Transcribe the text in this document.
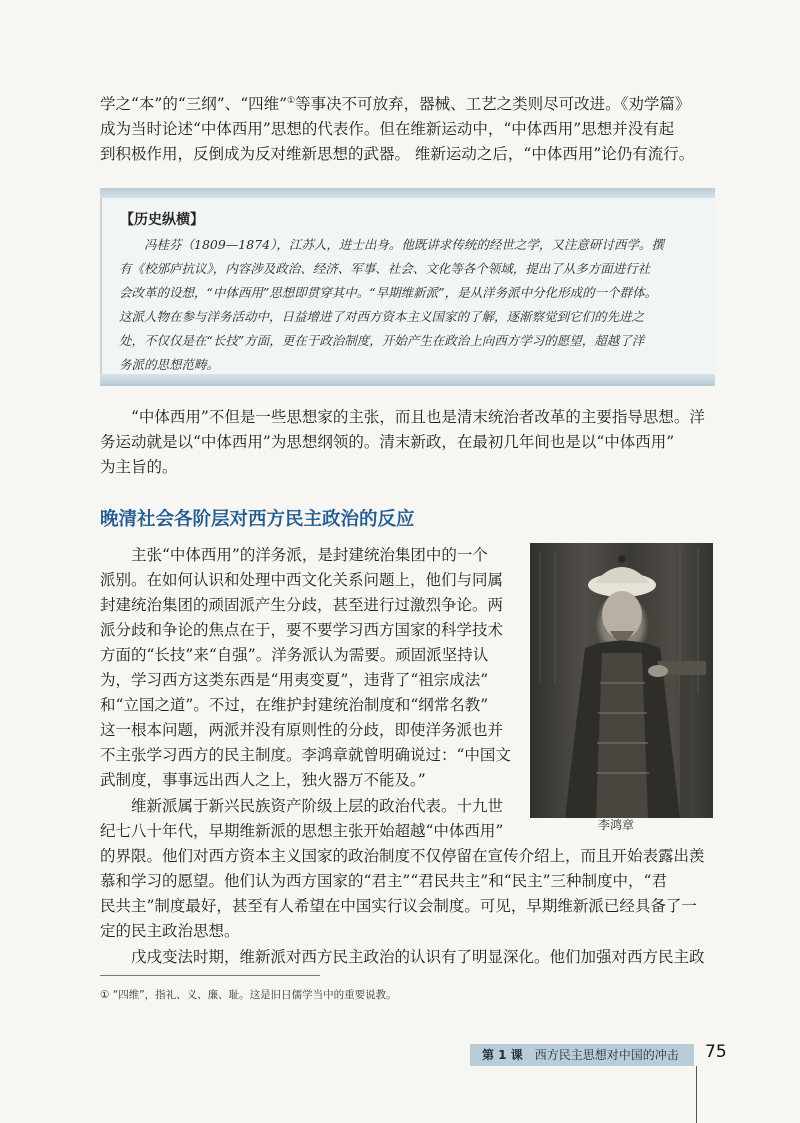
学之“本”的“三纲”、“四维”①等事决不可放弃，器械、工艺之类则尽可改进。《劝学篇》
成为当时论述“中体西用”思想的代表作。但在维新运动中，“中体西用”思想并没有起
到积极作用，反倒成为反对维新思想的武器。 维新运动之后，“中体西用”论仍有流行。

【历史纵横】

冯桂芬（1809—1874），江苏人，进士出身。他既讲求传统的经世之学，又注意研讨西学。撰
有《校邠庐抗议》，内容涉及政治、经济、军事、社会、文化等各个领域，提出了从多方面进行社
会改革的设想，“中体西用”思想即贯穿其中。“早期维新派”，是从洋务派中分化形成的一个群体。
这派人物在参与洋务活动中，日益增进了对西方资本主义国家的了解，逐渐察觉到它们的先进之
处，不仅仅是在“长技”方面，更在于政治制度，开始产生在政治上向西方学习的愿望，超越了洋
务派的思想范畴。
“中体西用”不但是一些思想家的主张，而且也是清末统治者改革的主要指导思想。洋
务运动就是以“中体西用”为思想纲领的。清末新政，在最初几年间也是以“中体西用”
为主旨的。
晚清社会各阶层对西方民主政治的反应
主张“中体西用”的洋务派，是封建统治集团中的一个
派别。在如何认识和处理中西文化关系问题上，他们与同属
封建统治集团的顽固派产生分歧，甚至进行过激烈争论。两
派分歧和争论的焦点在于，要不要学习西方国家的科学技术
方面的“长技”来“自强”。洋务派认为需要。顽固派坚持认
为，学习西方这类东西是“用夷变夏”，违背了“祖宗成法”
和“立国之道”。不过，在维护封建统治制度和“纲常名教”
这一根本问题，两派并没有原则性的分歧，即使洋务派也并
不主张学习西方的民主制度。李鸿章就曾明确说过：“中国文
武制度，事事远出西人之上，独火器万不能及。”
维新派属于新兴民族资产阶级上层的政治代表。十九世
纪七八十年代，早期维新派的思想主张开始超越“中体西用”
的界限。他们对西方资本主义国家的政治制度不仅停留在宣传介绍上，而且开始表露出羡
慕和学习的愿望。他们认为西方国家的“君主”“君民共主”和“民主”三种制度中，“君
民共主”制度最好，甚至有人希望在中国实行议会制度。可见，早期维新派已经具备了一
定的民主政治思想。
戊戌变法时期，维新派对西方民主政治的认识有了明显深化。他们加强对西方民主政

李鸿章

① “四维”，指礼、义、廉、耻。这是旧日儒学当中的重要说教。

第 1 课 西方民主思想对中国的冲击	75
